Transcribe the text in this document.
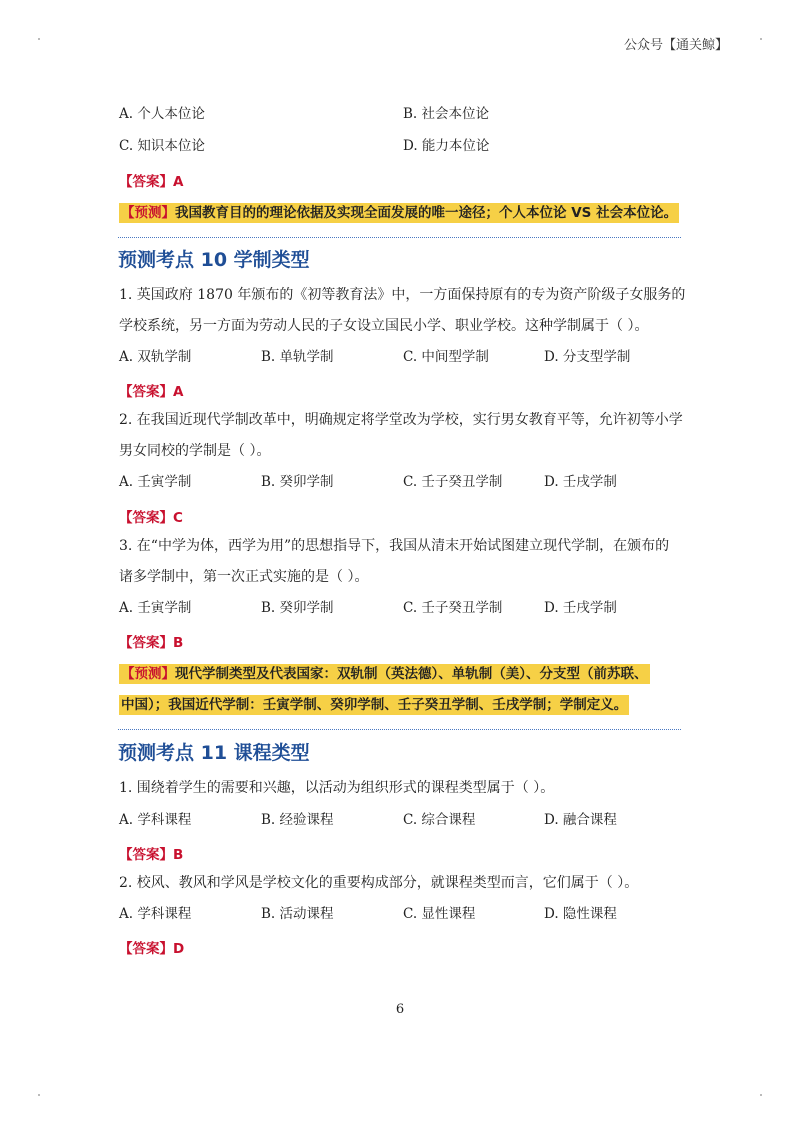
公众号【通关鲸】
A. 个人本位论	B. 社会本位论
C. 知识本位论	D. 能力本位论
【答案】A
【预测】我国教育目的的理论依据及实现全面发展的唯一途径；个人本位论 VS 社会本位论。
预测考点 10 学制类型
1. 英国政府 1870 年颁布的《初等教育法》中，一方面保持原有的专为资产阶级子女服务的
学校系统，另一方面为劳动人民的子女设立国民小学、职业学校。这种学制属于（ ）。
A. 双轨学制	B. 单轨学制	C. 中间型学制	D. 分支型学制
【答案】A
2. 在我国近现代学制改革中，明确规定将学堂改为学校，实行男女教育平等，允许初等小学
男女同校的学制是（ ）。
A. 壬寅学制	B. 癸卯学制	C. 壬子癸丑学制	D. 壬戌学制
【答案】C
3. 在“中学为体，西学为用”的思想指导下，我国从清末开始试图建立现代学制，在颁布的
诸多学制中，第一次正式实施的是（ ）。
A. 壬寅学制	B. 癸卯学制	C. 壬子癸丑学制	D. 壬戌学制
【答案】B
【预测】现代学制类型及代表国家：双轨制（英法德）、单轨制（美）、分支型（前苏联、
中国）；我国近代学制：壬寅学制、癸卯学制、壬子癸丑学制、壬戌学制；学制定义。
预测考点 11 课程类型
1. 围绕着学生的需要和兴趣，以活动为组织形式的课程类型属于（ ）。
A. 学科课程	B. 经验课程	C. 综合课程	D. 融合课程
【答案】B
2. 校风、教风和学风是学校文化的重要构成部分，就课程类型而言，它们属于（ ）。
A. 学科课程	B. 活动课程	C. 显性课程	D. 隐性课程
【答案】D
6
